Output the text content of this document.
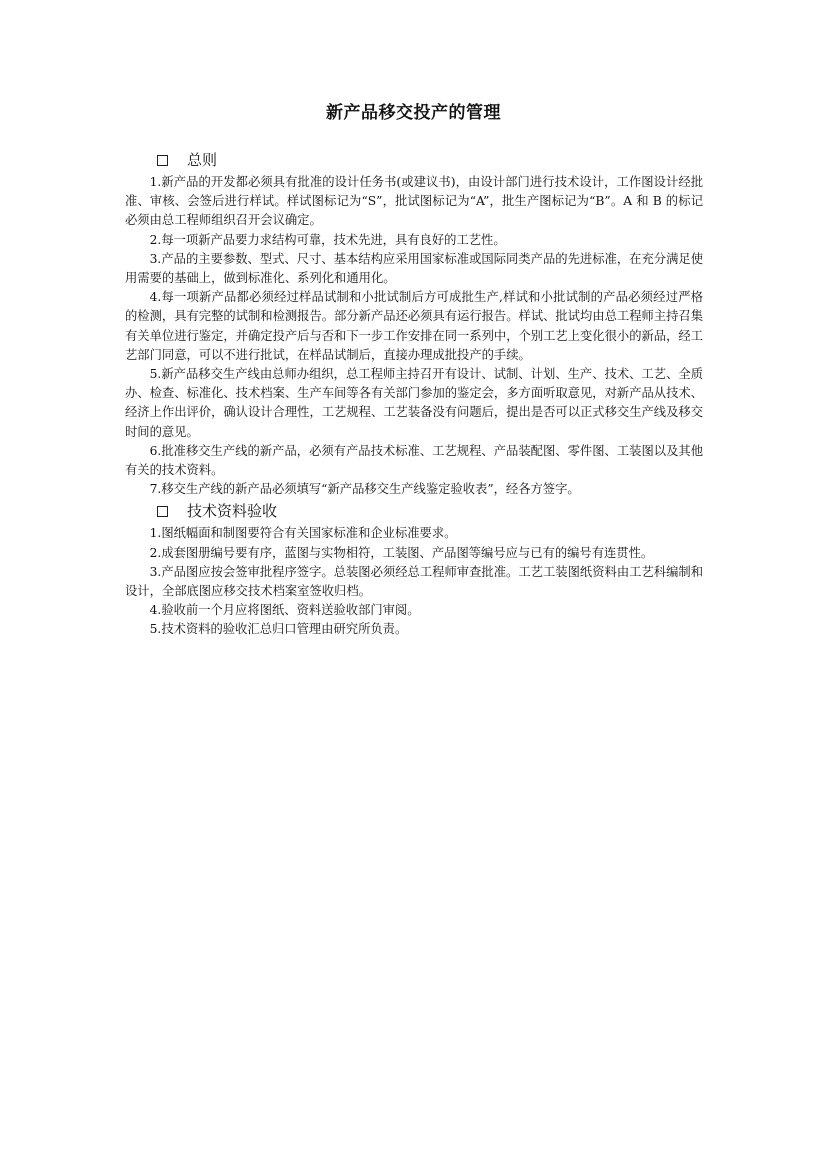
新产品移交投产的管理
总则

1.新产品的开发都必须具有批准的设计任务书(或建议书)，由设计部门进行技术设计，工作图设计经批准、审核、会签后进行样试。样试图标记为“S”，批试图标记为“A”，批生产图标记为“B”。A 和 B 的标记必须由总工程师组织召开会议确定。

2.每一项新产品要力求结构可靠，技术先进，具有良好的工艺性。

3.产品的主要参数、型式、尺寸、基本结构应采用国家标准或国际同类产品的先进标准，在充分满足使用需要的基础上，做到标准化、系列化和通用化。

4.每一项新产品都必须经过样品试制和小批试制后方可成批生产,样试和小批试制的产品必须经过严格的检测，具有完整的试制和检测报告。部分新产品还必须具有运行报告。样试、批试均由总工程师主持召集有关单位进行鉴定，并确定投产后与否和下一步工作安排在同一系列中，个别工艺上变化很小的新品，经工艺部门同意，可以不进行批试，在样品试制后，直接办理成批投产的手续。

5.新产品移交生产线由总师办组织，总工程师主持召开有设计、试制、计划、生产、技术、工艺、全质办、检查、标准化、技术档案、生产车间等各有关部门参加的鉴定会，多方面听取意见，对新产品从技术、经济上作出评价，确认设计合理性，工艺规程、工艺装备没有问题后，提出是否可以正式移交生产线及移交时间的意见。

6.批准移交生产线的新产品，必须有产品技术标准、工艺规程、产品装配图、零件图、工装图以及其他有关的技术资料。

7.移交生产线的新产品必须填写“新产品移交生产线鉴定验收表”，经各方签字。

技术资料验收

1.图纸幅面和制图要符合有关国家标准和企业标准要求。

2.成套图册编号要有序，蓝图与实物相符，工装图、产品图等编号应与已有的编号有连贯性。

3.产品图应按会签审批程序签字。总装图必须经总工程师审查批准。工艺工装图纸资料由工艺科编制和设计，全部底图应移交技术档案室签收归档。

4.验收前一个月应将图纸、资料送验收部门审阅。

5.技术资料的验收汇总归口管理由研究所负责。
